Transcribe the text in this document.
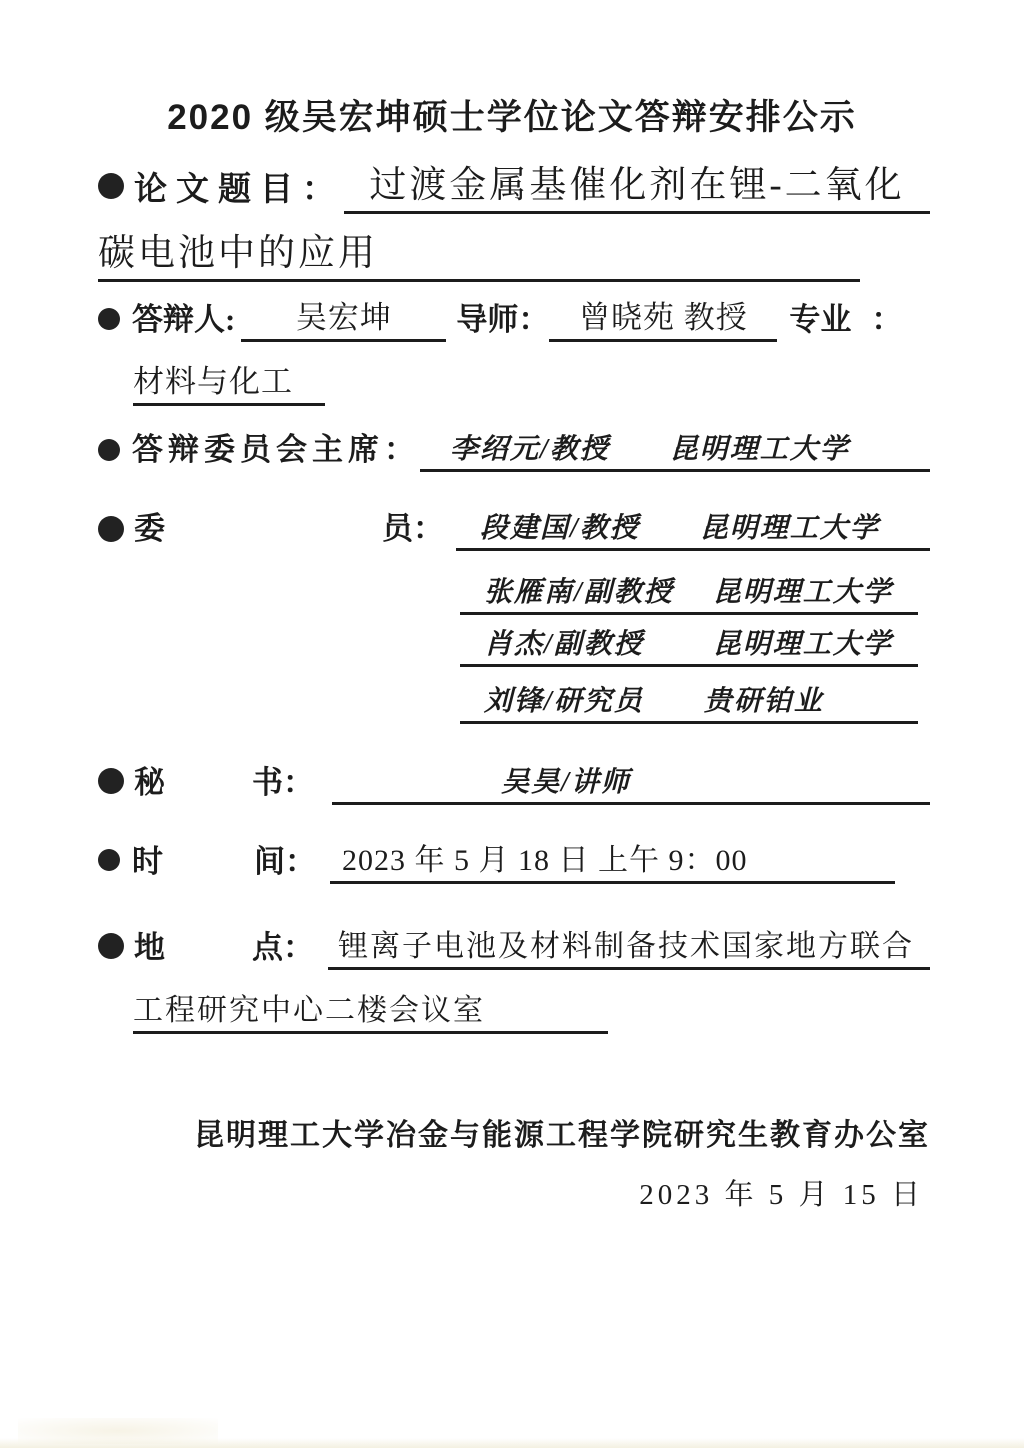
2020 级吴宏坤硕士学位论文答辩安排公示
论文题目： 过渡金属基催化剂在锂-二氧化
碳电池中的应用
答辩人:	吴宏坤	导师： 曾晓苑 教授	专业 ：
材料与化工
答辩委员会主席：	李绍元/教授　　昆明理工大学
委	员：	段建国/教授　　昆明理工大学
张雁南/副教授　 昆明理工大学
肖杰/副教授　　 昆明理工大学
刘锋/研究员　　贵研铂业
秘	书：	吴昊/讲师
时	间： 2023 年 5 月 18 日 上午 9：00
地	点： 锂离子电池及材料制备技术国家地方联合
工程研究中心二楼会议室
昆明理工大学冶金与能源工程学院研究生教育办公室
2023 年 5 月 15 日
